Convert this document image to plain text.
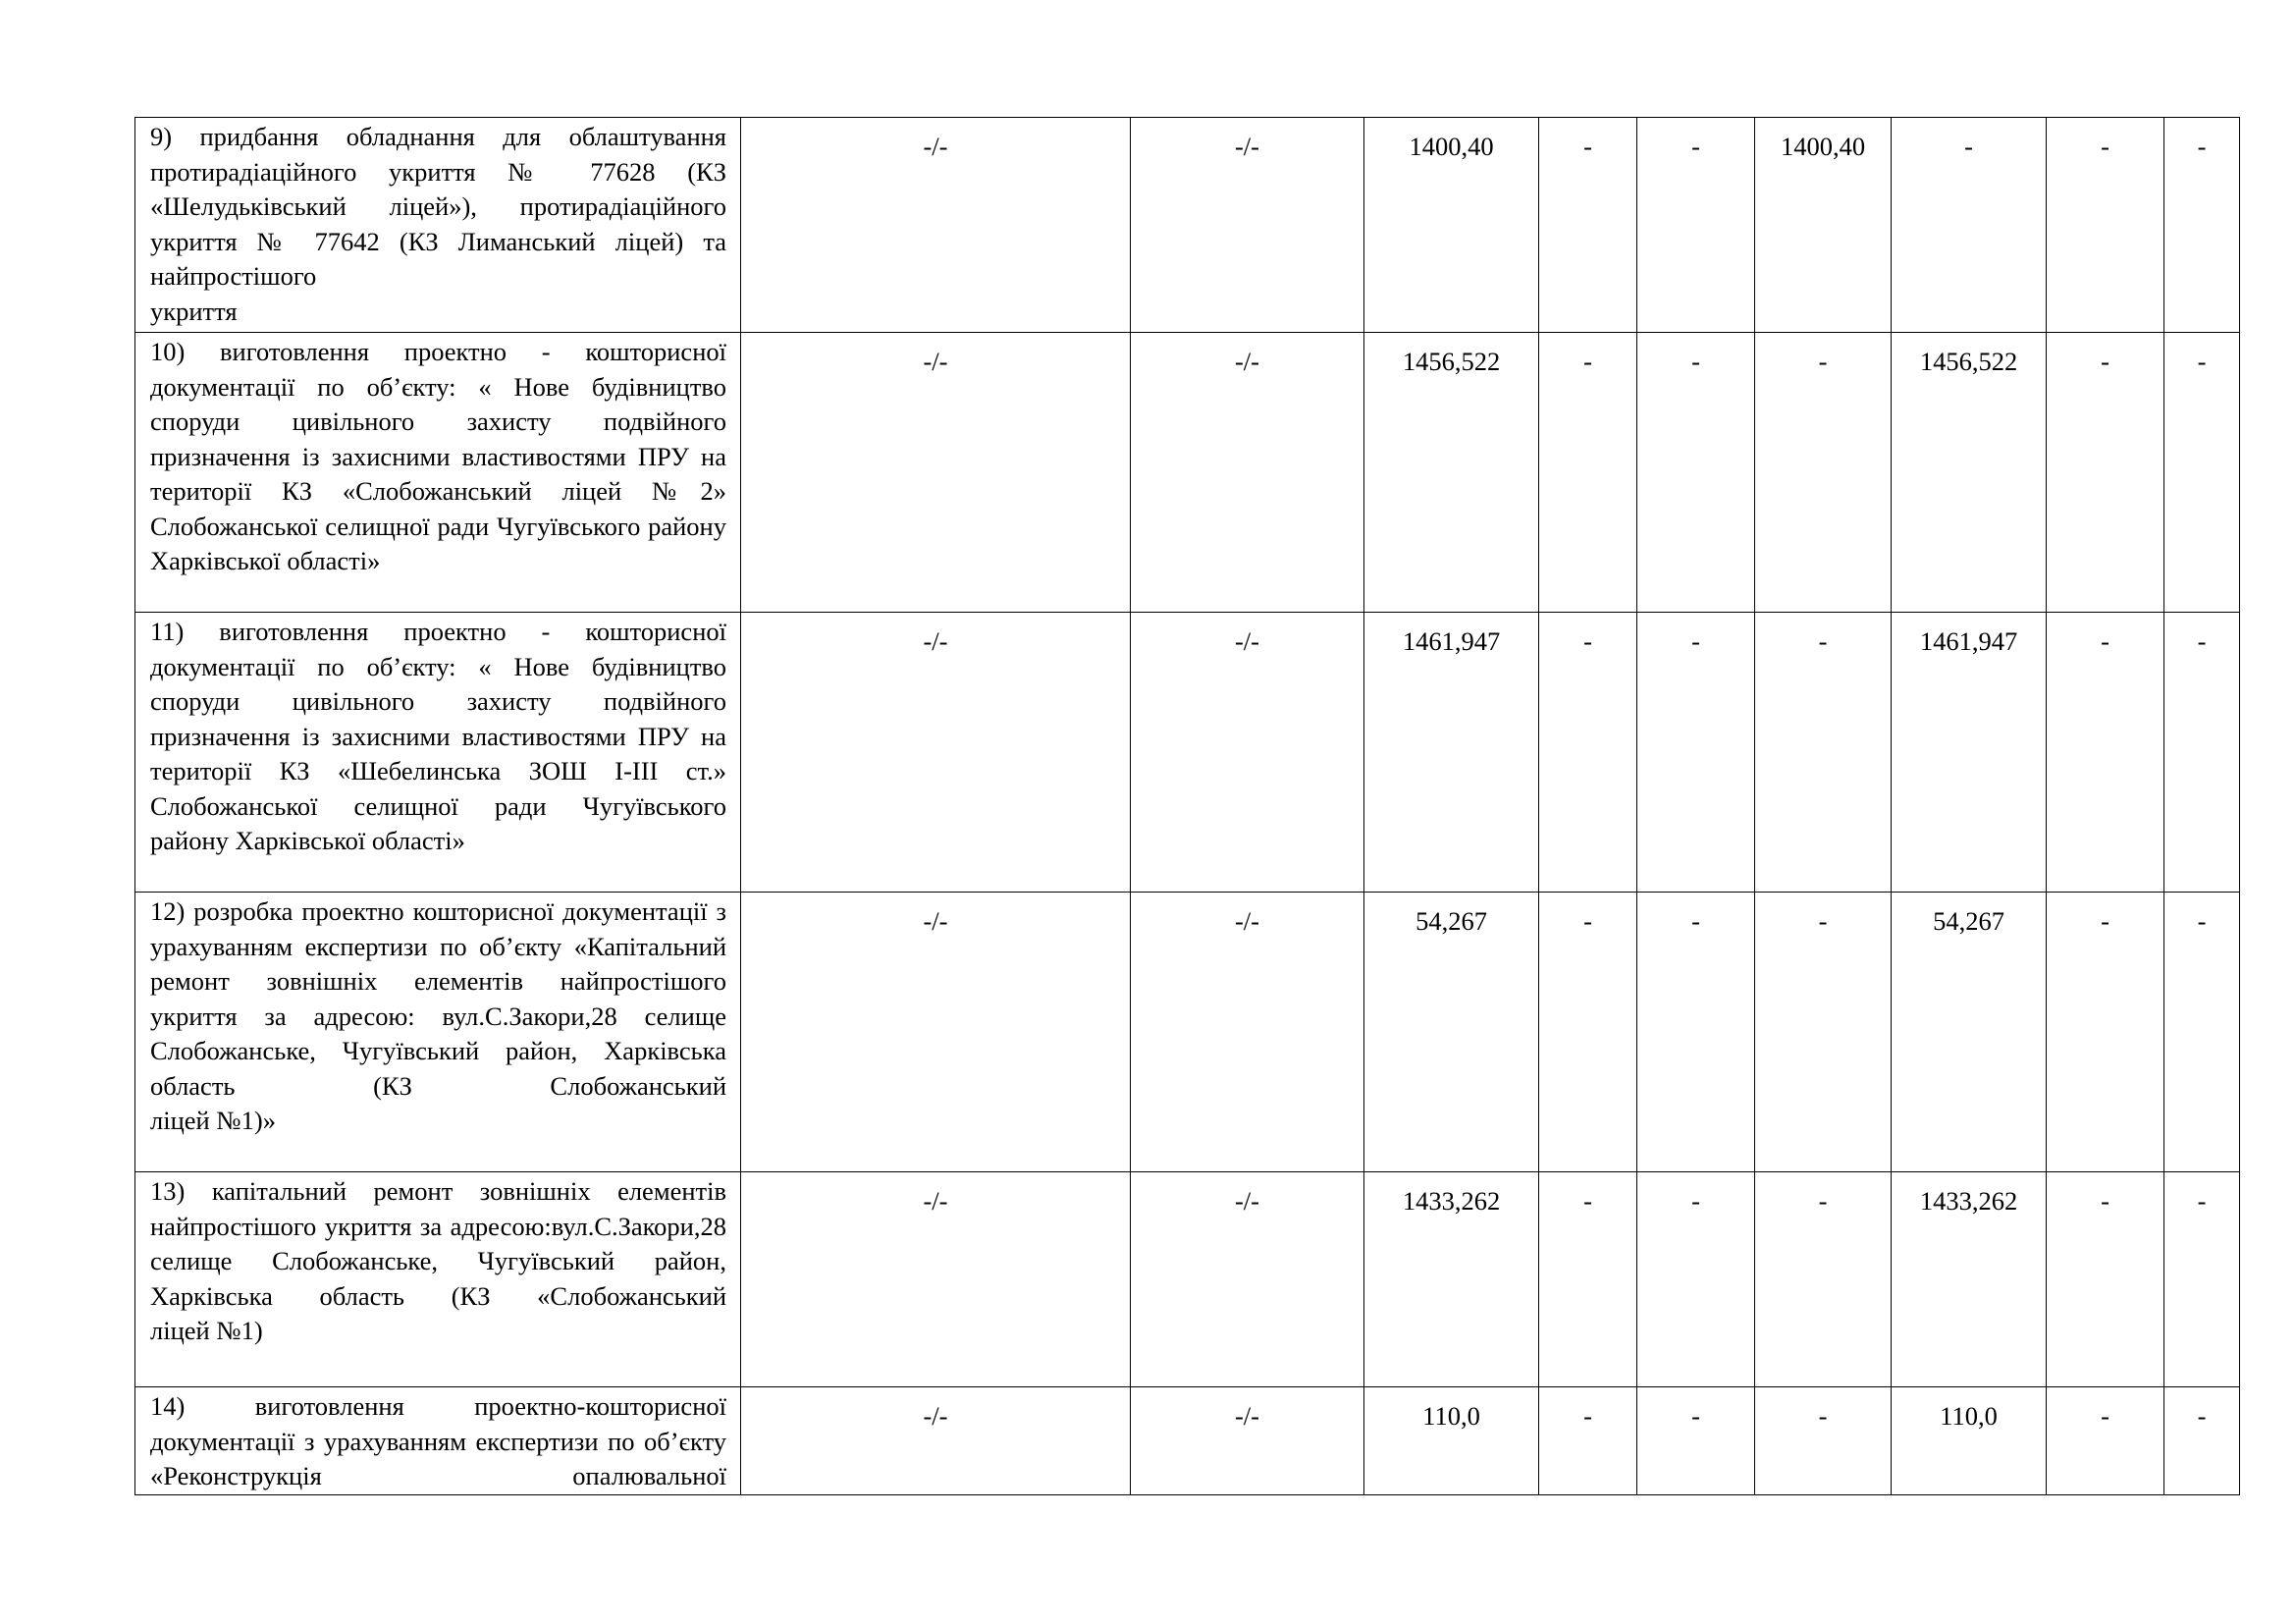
9) придбання обладнання для облаштування протирадіаційного укриття № 77628 (КЗ «Шелудьківський ліцей»), протирадіаційного укриття № 77642 (КЗ Лиманський ліцей) та найпростішого
укриття	-/-	-/-	1400,40	-	-	1400,40	-	-	-

10) виготовлення проектно - кошторисної документації по об’єкту: « Нове будівництво споруди цивільного захисту подвійного призначення із захисними властивостями ПРУ на території КЗ «Слобожанський ліцей №2» Слобожанської селищної ради Чугуївського району
Харківської області»	-/-	-/-	1456,522	-	-	-	1456,522	-	-

11) виготовлення проектно - кошторисної документації по об’єкту: « Нове будівництво споруди цивільного захисту подвійного призначення із захисними властивостями ПРУ на території КЗ «Шебелинська ЗОШ І-ІІІ ст.» Слобожанської селищної ради Чугуївського
району Харківської області»	-/-	-/-	1461,947	-	-	-	1461,947	-	-

12) розробка проектно кошторисної документації з урахуванням експертизи по об’єкту «Капітальний ремонт зовнішніх елементів найпростішого укриття за адресою: вул.С.Закори,28 селище Слобожанське, Чугуївський район, Харківська область (КЗ Слобожанський
ліцей №1)»	-/-	-/-	54,267	-	-	-	54,267	-	-

13) капітальний ремонт зовнішніх елементів найпростішого укриття за адресою:вул.С.Закори,28 селище Слобожанське, Чугуївський район, Харківська область (КЗ «Слобожанський
ліцей №1)	-/-	-/-	1433,262	-	-	-	1433,262	-	-

14) виготовлення проектно-кошторисної документації з урахуванням експертизи по об’єкту «Реконструкція опалювальної	-/-	-/-	110,0	-	-	-	110,0	-	-
